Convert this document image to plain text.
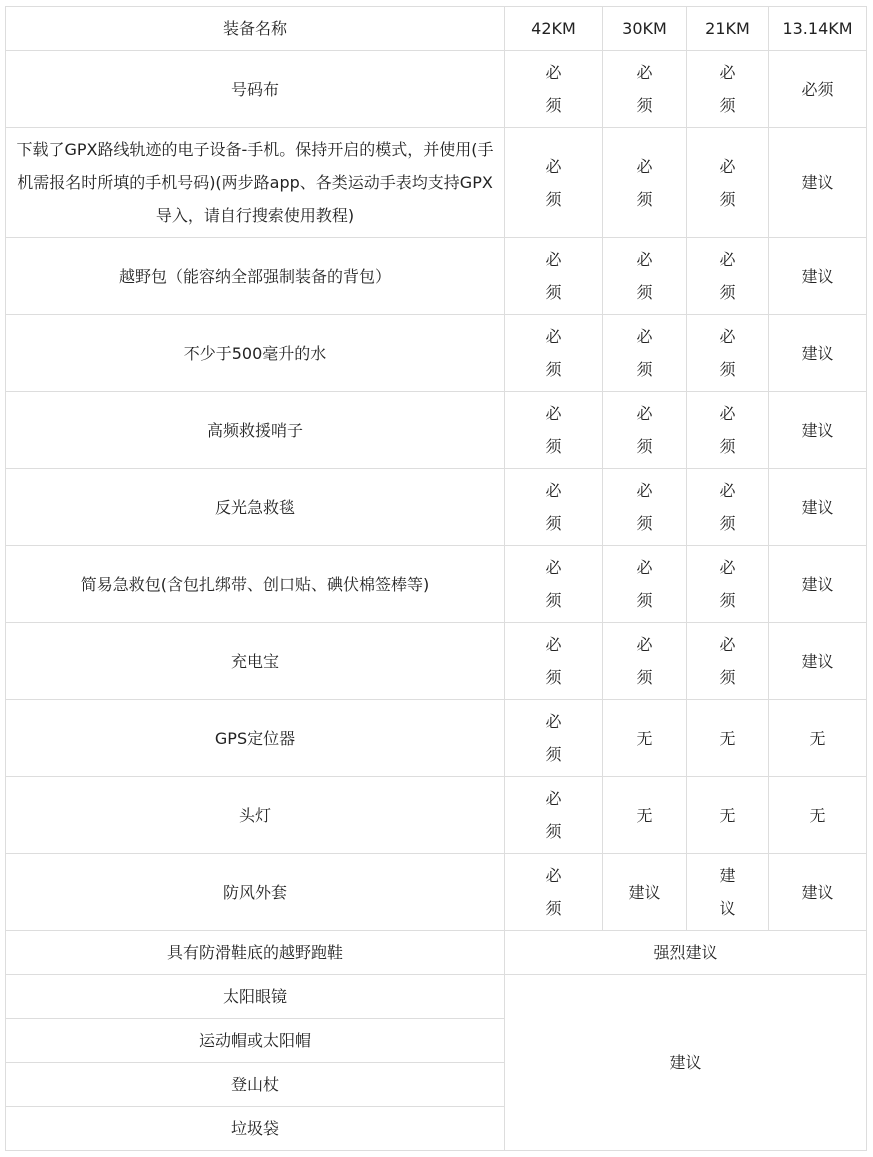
装备名称	42KM	30KM	21KM	13.14KM
号码布	必须	必须	必须	必须
下载了GPX路线轨迹的电子设备-手机。保持开启的模式，并使用(手机需报名时所填的手机号码)(两步路app、各类运动手表均支持GPX导入，请自行搜索使用教程)	必须	必须	必须	建议
越野包（能容纳全部强制装备的背包）	必须	必须	必须	建议
不少于500毫升的水	必须	必须	必须	建议
高频救援哨子	必须	必须	必须	建议
反光急救毯	必须	必须	必须	建议
简易急救包(含包扎绑带、创口贴、碘伏棉签棒等)	必须	必须	必须	建议
充电宝	必须	必须	必须	建议
GPS定位器	必须	无	无	无
头灯	必须	无	无	无
防风外套	必须	建议	建议	建议
具有防滑鞋底的越野跑鞋	强烈建议			
太阳眼镜	建议			
运动帽或太阳帽				
登山杖				
垃圾袋				
